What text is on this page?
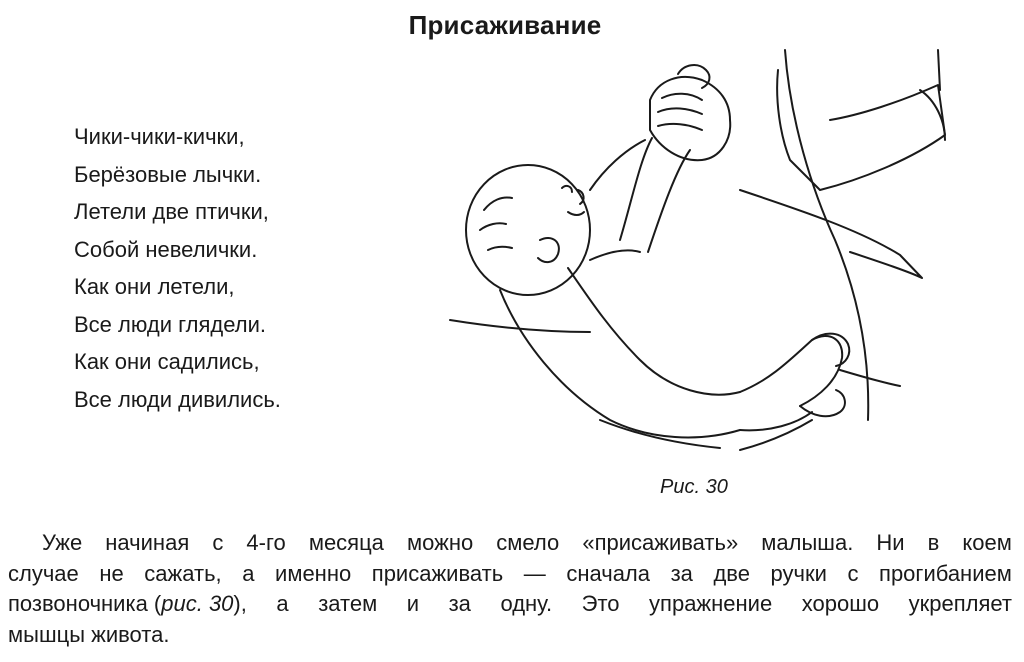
Присаживание
Чики-чики-кички,
Берёзовые лычки.
Летели две птички,
Собой невелички.
Как они летели,
Все люди глядели.
Как они садились,
Все люди дивились.
Рис. 30
Уже начиная с 4-го месяца можно смело «присаживать» малыша. Ни в коем
случае не сажать, а именно присаживать — сначала за две ручки с прогибанием
позвоночника (рис. 30), а затем и за одну. Это упражнение хорошо укрепляет
мышцы живота.
